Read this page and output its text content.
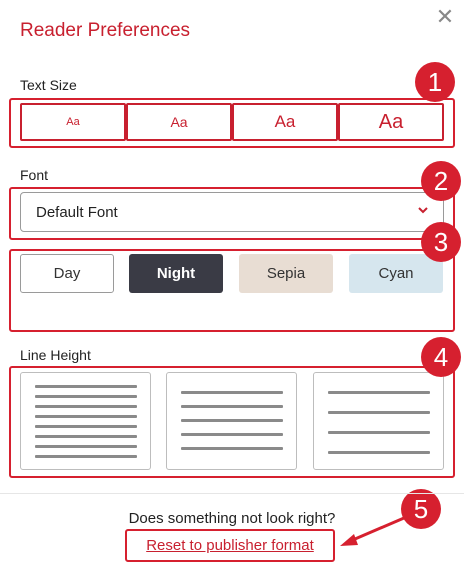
Reader Preferences
✕
Text Size
Aa	Aa	Aa	Aa
Font
Default Font
Day	Night	Sepia	Cyan
Line Height
1
2
3
4
5
Does something not look right?
Reset to publisher format
